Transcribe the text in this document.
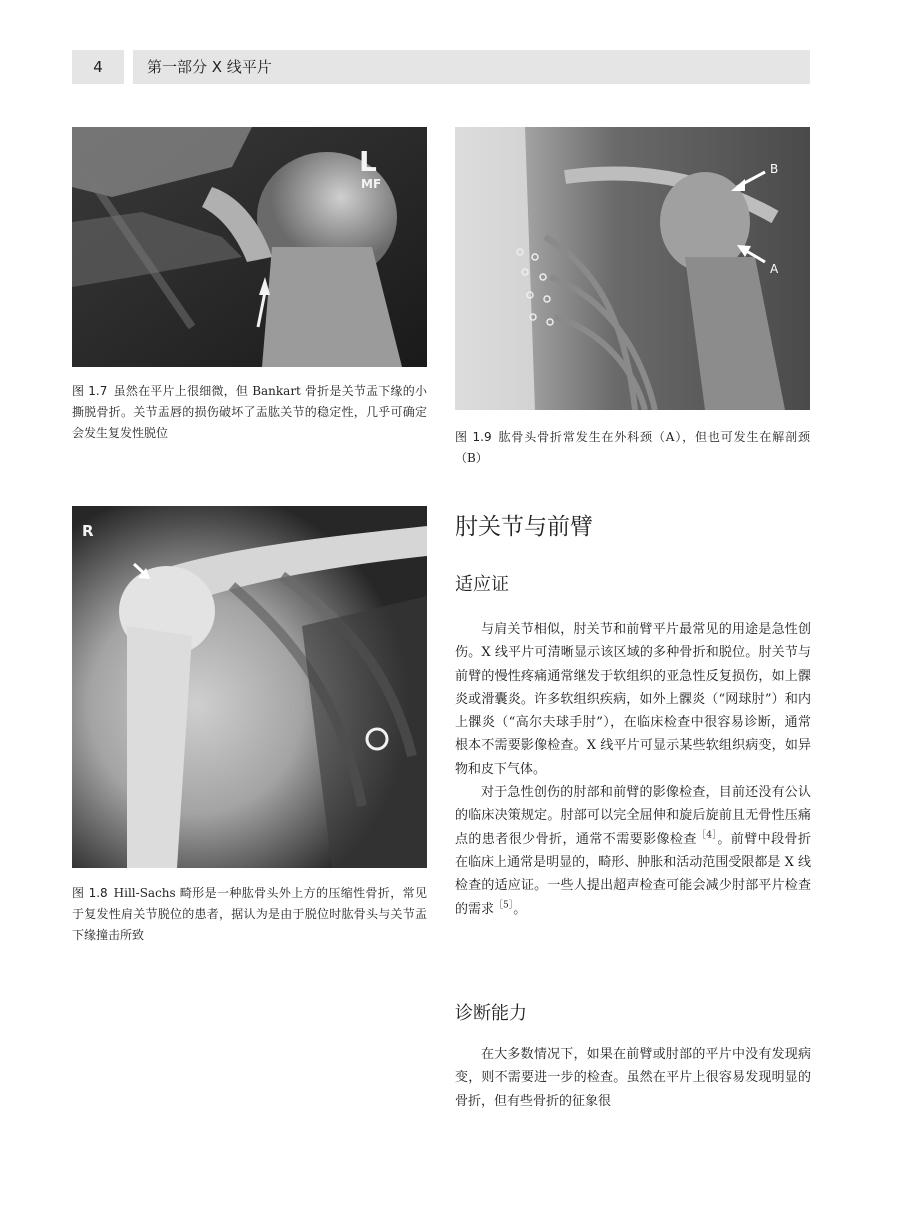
4	第一部分 X 线平片
L
MF
图 1.7 虽然在平片上很细微，但 Bankart 骨折是关节盂下缘的小撕脱骨折。关节盂唇的损伤破坏了盂肱关节的稳定性，几乎可确定会发生复发性脱位
B
A
图 1.9 肱骨头骨折常发生在外科颈（A），但也可发生在解剖颈（B）
R
图 1.8 Hill-Sachs 畸形是一种肱骨头外上方的压缩性骨折，常见于复发性肩关节脱位的患者，据认为是由于脱位时肱骨头与关节盂下缘撞击所致
肘关节与前臂
适应证

与肩关节相似，肘关节和前臂平片最常见的用途是急性创伤。X 线平片可清晰显示该区域的多种骨折和脱位。肘关节与前臂的慢性疼痛通常继发于软组织的亚急性反复损伤，如上髁炎或滑囊炎。许多软组织疾病，如外上髁炎（“网球肘”）和内上髁炎（“高尔夫球手肘”），在临床检查中很容易诊断，通常根本不需要影像检查。X 线平片可显示某些软组织病变，如异物和皮下气体。

对于急性创伤的肘部和前臂的影像检查，目前还没有公认的临床决策规定。肘部可以完全屈伸和旋后旋前且无骨性压痛点的患者很少骨折，通常不需要影像检查$^{[4]}$。前臂中段骨折在临床上通常是明显的，畸形、肿胀和活动范围受限都是 X 线检查的适应证。一些人提出超声检查可能会减少肘部平片检查的需求$^{[5]}$。

诊断能力

在大多数情况下，如果在前臂或肘部的平片中没有发现病变，则不需要进一步的检查。虽然在平片上很容易发现明显的骨折，但有些骨折的征象很
